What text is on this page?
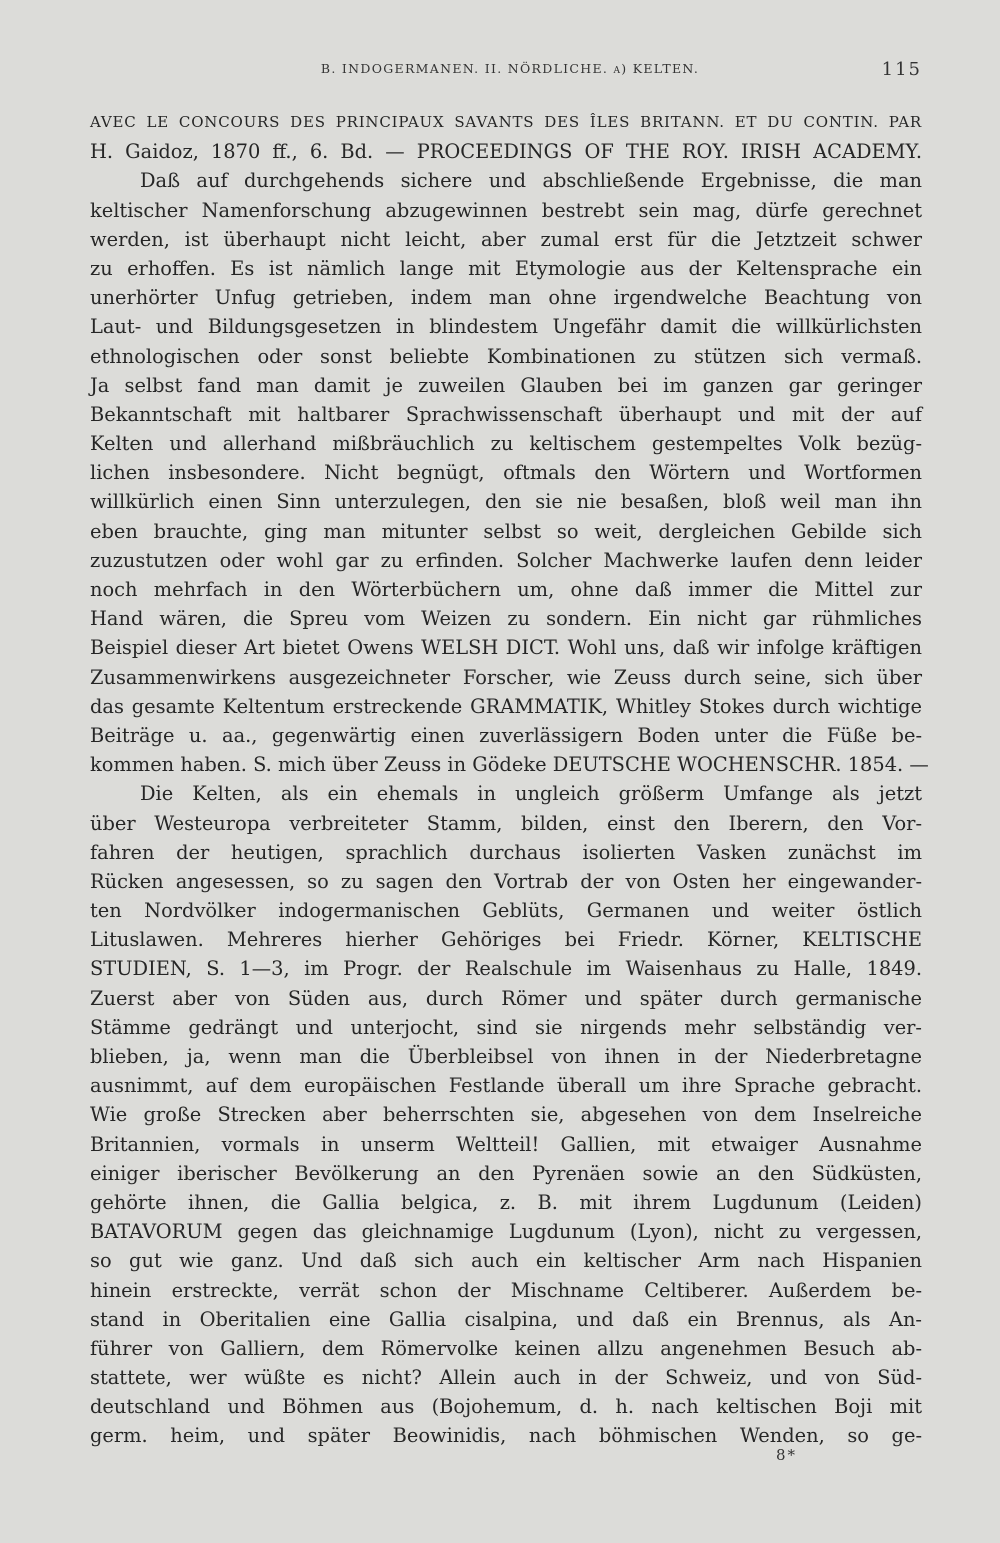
B. INDOGERMANEN. II. NÖRDLICHE. a) KELTEN.	115
AVEC LE CONCOURS DES PRINCIPAUX SAVANTS DES ÎLES BRITANN. ET DU CONTIN. PAR
H. Gaidoz, 1870 ff., 6. Bd. — PROCEEDINGS OF THE ROY. IRISH ACADEMY.
Daß auf durchgehends sichere und abschließende Ergebnisse, die man
keltischer Namenforschung abzugewinnen bestrebt sein mag, dürfe gerechnet
werden, ist überhaupt nicht leicht, aber zumal erst für die Jetztzeit schwer
zu erhoffen. Es ist nämlich lange mit Etymologie aus der Keltensprache ein
unerhörter Unfug getrieben, indem man ohne irgendwelche Beachtung von
Laut- und Bildungsgesetzen in blindestem Ungefähr damit die willkürlichsten
ethnologischen oder sonst beliebte Kombinationen zu stützen sich vermaß.
Ja selbst fand man damit je zuweilen Glauben bei im ganzen gar geringer
Bekanntschaft mit haltbarer Sprachwissenschaft überhaupt und mit der auf
Kelten und allerhand mißbräuchlich zu keltischem gestempeltes Volk bezüg-
lichen insbesondere. Nicht begnügt, oftmals den Wörtern und Wortformen
willkürlich einen Sinn unterzulegen, den sie nie besaßen, bloß weil man ihn
eben brauchte, ging man mitunter selbst so weit, dergleichen Gebilde sich
zuzustutzen oder wohl gar zu erfinden. Solcher Machwerke laufen denn leider
noch mehrfach in den Wörterbüchern um, ohne daß immer die Mittel zur
Hand wären, die Spreu vom Weizen zu sondern. Ein nicht gar rühmliches
Beispiel dieser Art bietet Owens WELSH DICT. Wohl uns, daß wir infolge kräftigen
Zusammenwirkens ausgezeichneter Forscher, wie Zeuss durch seine, sich über
das gesamte Keltentum erstreckende GRAMMATIK, Whitley Stokes durch wichtige
Beiträge u. aa., gegenwärtig einen zuverlässigern Boden unter die Füße be-
kommen haben. S. mich über Zeuss in Gödeke DEUTSCHE WOCHENSCHR. 1854. —
Die Kelten, als ein ehemals in ungleich größerm Umfange als jetzt
über Westeuropa verbreiteter Stamm, bilden, einst den Iberern, den Vor-
fahren der heutigen, sprachlich durchaus isolierten Vasken zunächst im
Rücken angesessen, so zu sagen den Vortrab der von Osten her eingewander-
ten Nordvölker indogermanischen Geblüts, Germanen und weiter östlich
Lituslawen. Mehreres hierher Gehöriges bei Friedr. Körner, KELTISCHE
STUDIEN, S. 1—3, im Progr. der Realschule im Waisenhaus zu Halle, 1849.
Zuerst aber von Süden aus, durch Römer und später durch germanische
Stämme gedrängt und unterjocht, sind sie nirgends mehr selbständig ver-
blieben, ja, wenn man die Überbleibsel von ihnen in der Niederbretagne
ausnimmt, auf dem europäischen Festlande überall um ihre Sprache gebracht.
Wie große Strecken aber beherrschten sie, abgesehen von dem Inselreiche
Britannien, vormals in unserm Weltteil! Gallien, mit etwaiger Ausnahme
einiger iberischer Bevölkerung an den Pyrenäen sowie an den Südküsten,
gehörte ihnen, die Gallia belgica, z. B. mit ihrem Lugdunum (Leiden)
BATAVORUM gegen das gleichnamige Lugdunum (Lyon), nicht zu vergessen,
so gut wie ganz. Und daß sich auch ein keltischer Arm nach Hispanien
hinein erstreckte, verrät schon der Mischname Celtiberer. Außerdem be-
stand in Oberitalien eine Gallia cisalpina, und daß ein Brennus, als An-
führer von Galliern, dem Römervolke keinen allzu angenehmen Besuch ab-
stattete, wer wüßte es nicht? Allein auch in der Schweiz, und von Süd-
deutschland und Böhmen aus (Bojohemum, d. h. nach keltischen Boji mit
germ. heim, und später Beowinidis, nach böhmischen Wenden, so ge-
8*
